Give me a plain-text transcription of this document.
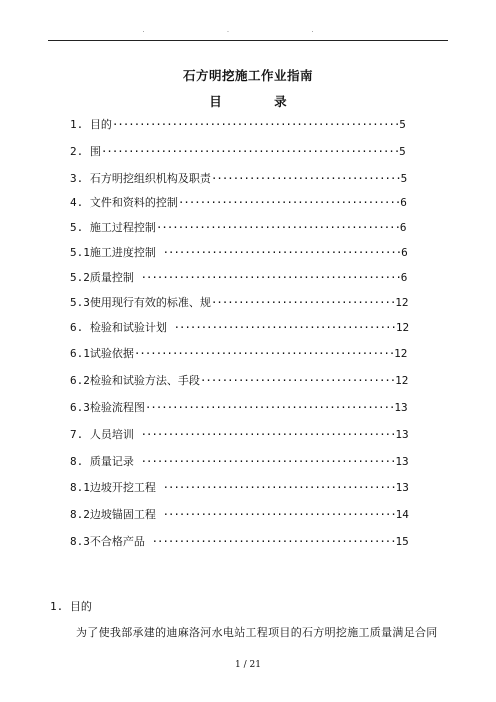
· · ·
石方明挖施工作业指南
目	录
1. 目的·····················································5
2. 围·······················································5
3. 石方明挖组织机构及职责···································5
4. 文件和资料的控制·········································6
5. 施工过程控制·············································6
5.1施工进度控制 ············································6
5.2质量控制 ················································6
5.3使用现行有效的标准、规··································12
6. 检验和试验计划 ·········································12
6.1试验依据················································12
6.2检验和试验方法、手段····································12
6.3检验流程图··············································13
7. 人员培训 ···············································13
8. 质量记录 ···············································13
8.1边坡开挖工程 ···········································13
8.2边坡锚固工程 ···········································14
8.3不合格产品 ·············································15
1. 目的
为了使我部承建的迪麻洛河水电站工程项目的石方明挖施工质量满足合同
1 / 21
